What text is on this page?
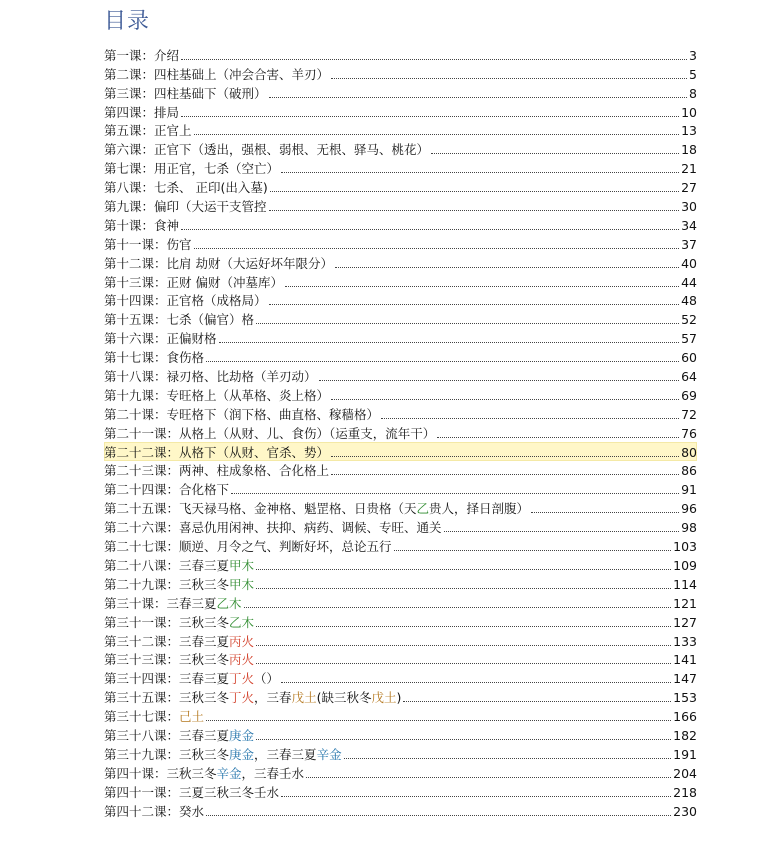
目录
第一课：介绍	3
第二课：四柱基础上（冲会合害、羊刃）	5
第三课：四柱基础下（破刑）	8
第四课：排局	10
第五课：正官上	13
第六课：正官下（透出，强根、弱根、无根、驿马、桃花）	18
第七课：用正官，七杀（空亡）	21
第八课：七杀、 正印(出入墓)	27
第九课：偏印（大运干支管控	30
第十课：食神	34
第十一课：伤官	37
第十二课：比肩 劫财（大运好坏年限分）	40
第十三课：正财 偏财（冲墓库）	44
第十四课：正官格（成格局）	48
第十五课：七杀（偏官）格	52
第十六课：正偏财格	57
第十七课：食伤格	60
第十八课：禄刃格、比劫格（羊刃动）	64
第十九课：专旺格上（从革格、炎上格）	69
第二十课：专旺格下（润下格、曲直格、稼穑格）	72
第二十一课：从格上（从财、儿、食伤）（运重支，流年干）	76
第二十二课：从格下（从财、官杀、势）	80
第二十三课：两神、柱成象格、合化格上	86
第二十四课：合化格下	91
第二十五课：飞天禄马格、金神格、魁罡格、日贵格（天乙贵人，择日剖腹）	96
第二十六课：喜忌仇用闲神、扶抑、病药、调候、专旺、通关	98
第二十七课：顺逆、月令之气、判断好坏，总论五行	103
第二十八课：三春三夏甲木	109
第二十九课：三秋三冬甲木	114
第三十课：三春三夏乙木	121
第三十一课：三秋三冬乙木	127
第三十二课：三春三夏丙火	133
第三十三课：三秋三冬丙火	141
第三十四课：三春三夏丁火（）	147
第三十五课：三秋三冬丁火，三春戊土(缺三秋冬戊土)	153
第三十七课：己土	166
第三十八课：三春三夏庚金	182
第三十九课：三秋三冬庚金，三春三夏辛金	191
第四十课：三秋三冬辛金，三春壬水	204
第四十一课：三夏三秋三冬壬水	218
第四十二课：癸水	230
